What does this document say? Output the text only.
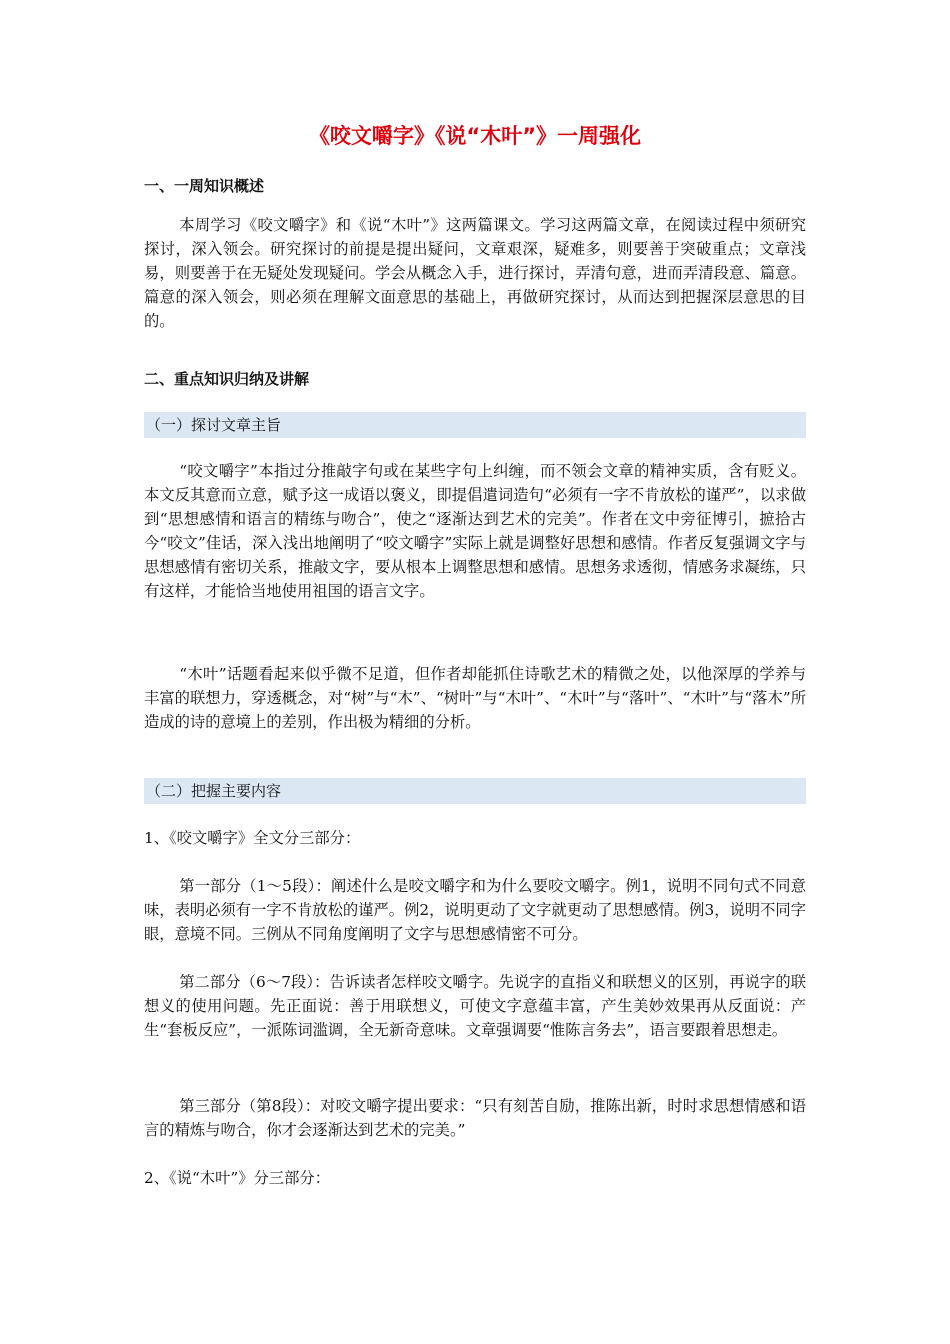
《咬文嚼字》《说“木叶”》一周强化
一、一周知识概述

本周学习《咬文嚼字》和《说“木叶”》这两篇课文。学习这两篇文章，在阅读过程中须研究探讨，深入领会。研究探讨的前提是提出疑问，文章艰深，疑难多，则要善于突破重点；文章浅易，则要善于在无疑处发现疑问。学会从概念入手，进行探讨，弄清句意，进而弄清段意、篇意。篇意的深入领会，则必须在理解文面意思的基础上，再做研究探讨，从而达到把握深层意思的目的。

二、重点知识归纳及讲解
（一）探讨文章主旨

“咬文嚼字”本指过分推敲字句或在某些字句上纠缠，而不领会文章的精神实质，含有贬义。本文反其意而立意，赋予这一成语以褒义，即提倡遣词造句“必须有一字不肯放松的谨严”，以求做到“思想感情和语言的精练与吻合”，使之“逐渐达到艺术的完美”。作者在文中旁征博引，摭拾古今“咬文”佳话，深入浅出地阐明了“咬文嚼字”实际上就是调整好思想和感情。作者反复强调文字与思想感情有密切关系，推敲文字，要从根本上调整思想和感情。思想务求透彻，情感务求凝练，只有这样，才能恰当地使用祖国的语言文字。

“木叶”话题看起来似乎微不足道，但作者却能抓住诗歌艺术的精微之处，以他深厚的学养与丰富的联想力，穿透概念，对“树”与“木”、“树叶”与“木叶”、“木叶”与“落叶”、“木叶”与“落木”所造成的诗的意境上的差别，作出极为精细的分析。

（二）把握主要内容

1、《咬文嚼字》全文分三部分：

第一部分（1～5段）：阐述什么是咬文嚼字和为什么要咬文嚼字。例1，说明不同句式不同意味，表明必须有一字不肯放松的谨严。例2，说明更动了文字就更动了思想感情。例3，说明不同字眼，意境不同。三例从不同角度阐明了文字与思想感情密不可分。

第二部分（6～7段）：告诉读者怎样咬文嚼字。先说字的直指义和联想义的区别，再说字的联想义的使用问题。先正面说：善于用联想义，可使文字意蕴丰富，产生美妙效果再从反面说：产生“套板反应”，一派陈词滥调，全无新奇意味。文章强调要“惟陈言务去”，语言要跟着思想走。

第三部分（第8段）：对咬文嚼字提出要求：“只有刻苦自励，推陈出新，时时求思想情感和语言的精炼与吻合，你才会逐渐达到艺术的完美。”

2、《说“木叶”》分三部分：
